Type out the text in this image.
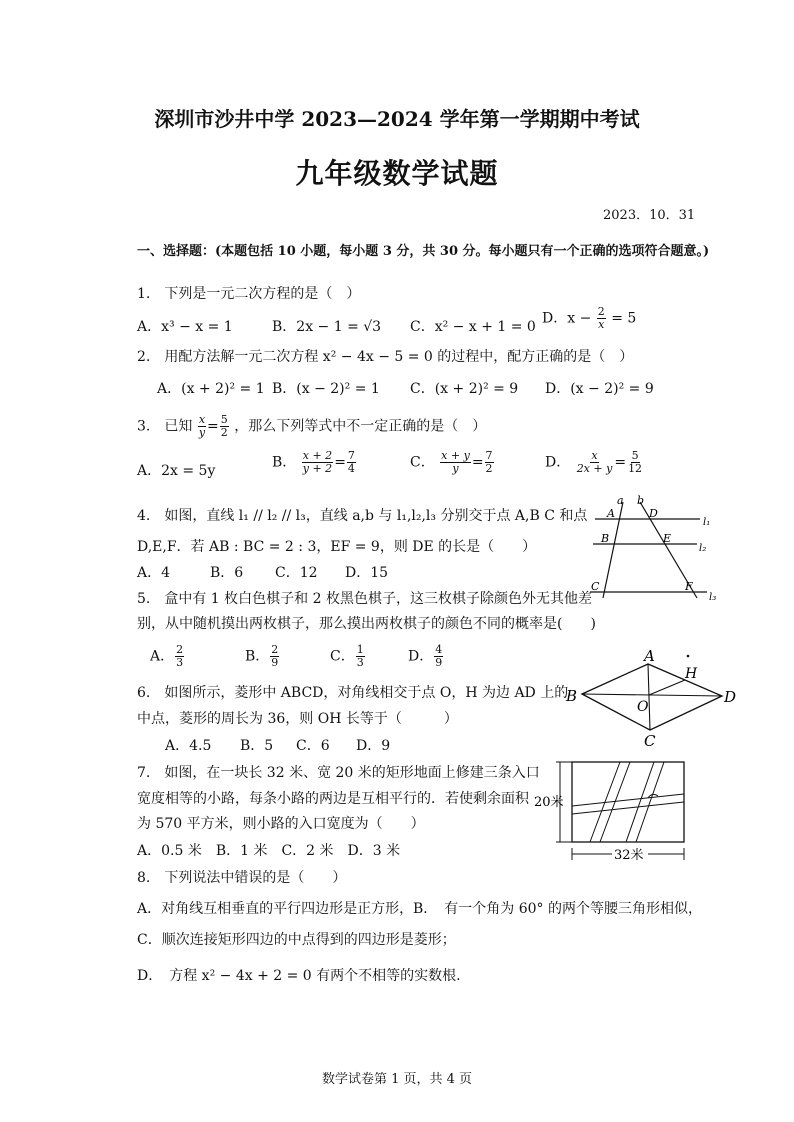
深圳市沙井中学 2023—2024 学年第一学期期中考试
九年级数学试题
2023．10．31
一、选择题：(本题包括 10 小题，每小题 3 分，共 30 分。每小题只有一个正确的选项符合题意。)
1.　下列是一元二次方程的是（　）
A．x³ − x = 1	B．2x − 1 = √3 C．x² − x + 1 = 0
D．$x - \frac{2}{x} = 5$
2.　用配方法解一元二次方程 x² − 4x − 5 = 0 的过程中，配方正确的是（　）
A．(x + 2)² = 1 B．(x − 2)² = 1 C．(x + 2)² = 9 D．(x − 2)² = 9
3.　已知 $\frac{x}{y} = \frac{5}{2}$ ，那么下列等式中不一定正确的是（　）
A．2x = 5y
B． $\frac{x + 2}{y + 2} = \frac{7}{4}$	C． $\frac{x + y}{y} = \frac{7}{2}$	D． $\frac{x}{2x + y} = \frac{5}{12}$
4.　如图，直线 l₁ // l₂ // l₃，直线 a,b 与 l₁,l₂,l₃ 分别交于点 A,B C 和点
D,E,F．若 AB : BC = 2 : 3，EF = 9，则 DE 的长是（　　）
A．4	B．6 C．12 D．15
a b
A	D
B	E
C	F
l₁
l₂
l₃
5.　盒中有 1 枚白色棋子和 2 枚黑色棋子，这三枚棋子除颜色外无其他差
别，从中随机摸出两枚棋子，那么摸出两枚棋子的颜色不同的概率是(　　)
A． $\frac{2}{3}$	B． $\frac{2}{9}$	C． $\frac{1}{3}$	D． $\frac{4}{9}$	A
B	D
C
O
H
6.　如图所示，菱形中 ABCD，对角线相交于点 O，H 为边 AD 上的
中点，菱形的周长为 36，则 OH 长等于（　　　）
A．4.5 B．5 C．6 D．9
7.　如图，在一块长 32 米、宽 20 米的矩形地面上修建三条入口
宽度相等的小路，每条小路的两边是互相平行的．若使剩余面积
为 570 平方米，则小路的入口宽度为（　　）
A．0.5 米　B．1 米　C．2 米　D．3 米
20米
32米
8.　下列说法中错误的是（　　）
A．对角线互相垂直的平行四边形是正方形， B．　有一个角为 60° 的两个等腰三角形相似，
C．顺次连接矩形四边的中点得到的四边形是菱形；
D．　方程 x² − 4x + 2 = 0 有两个不相等的实数根.
数学试卷第 1 页，共 4 页
